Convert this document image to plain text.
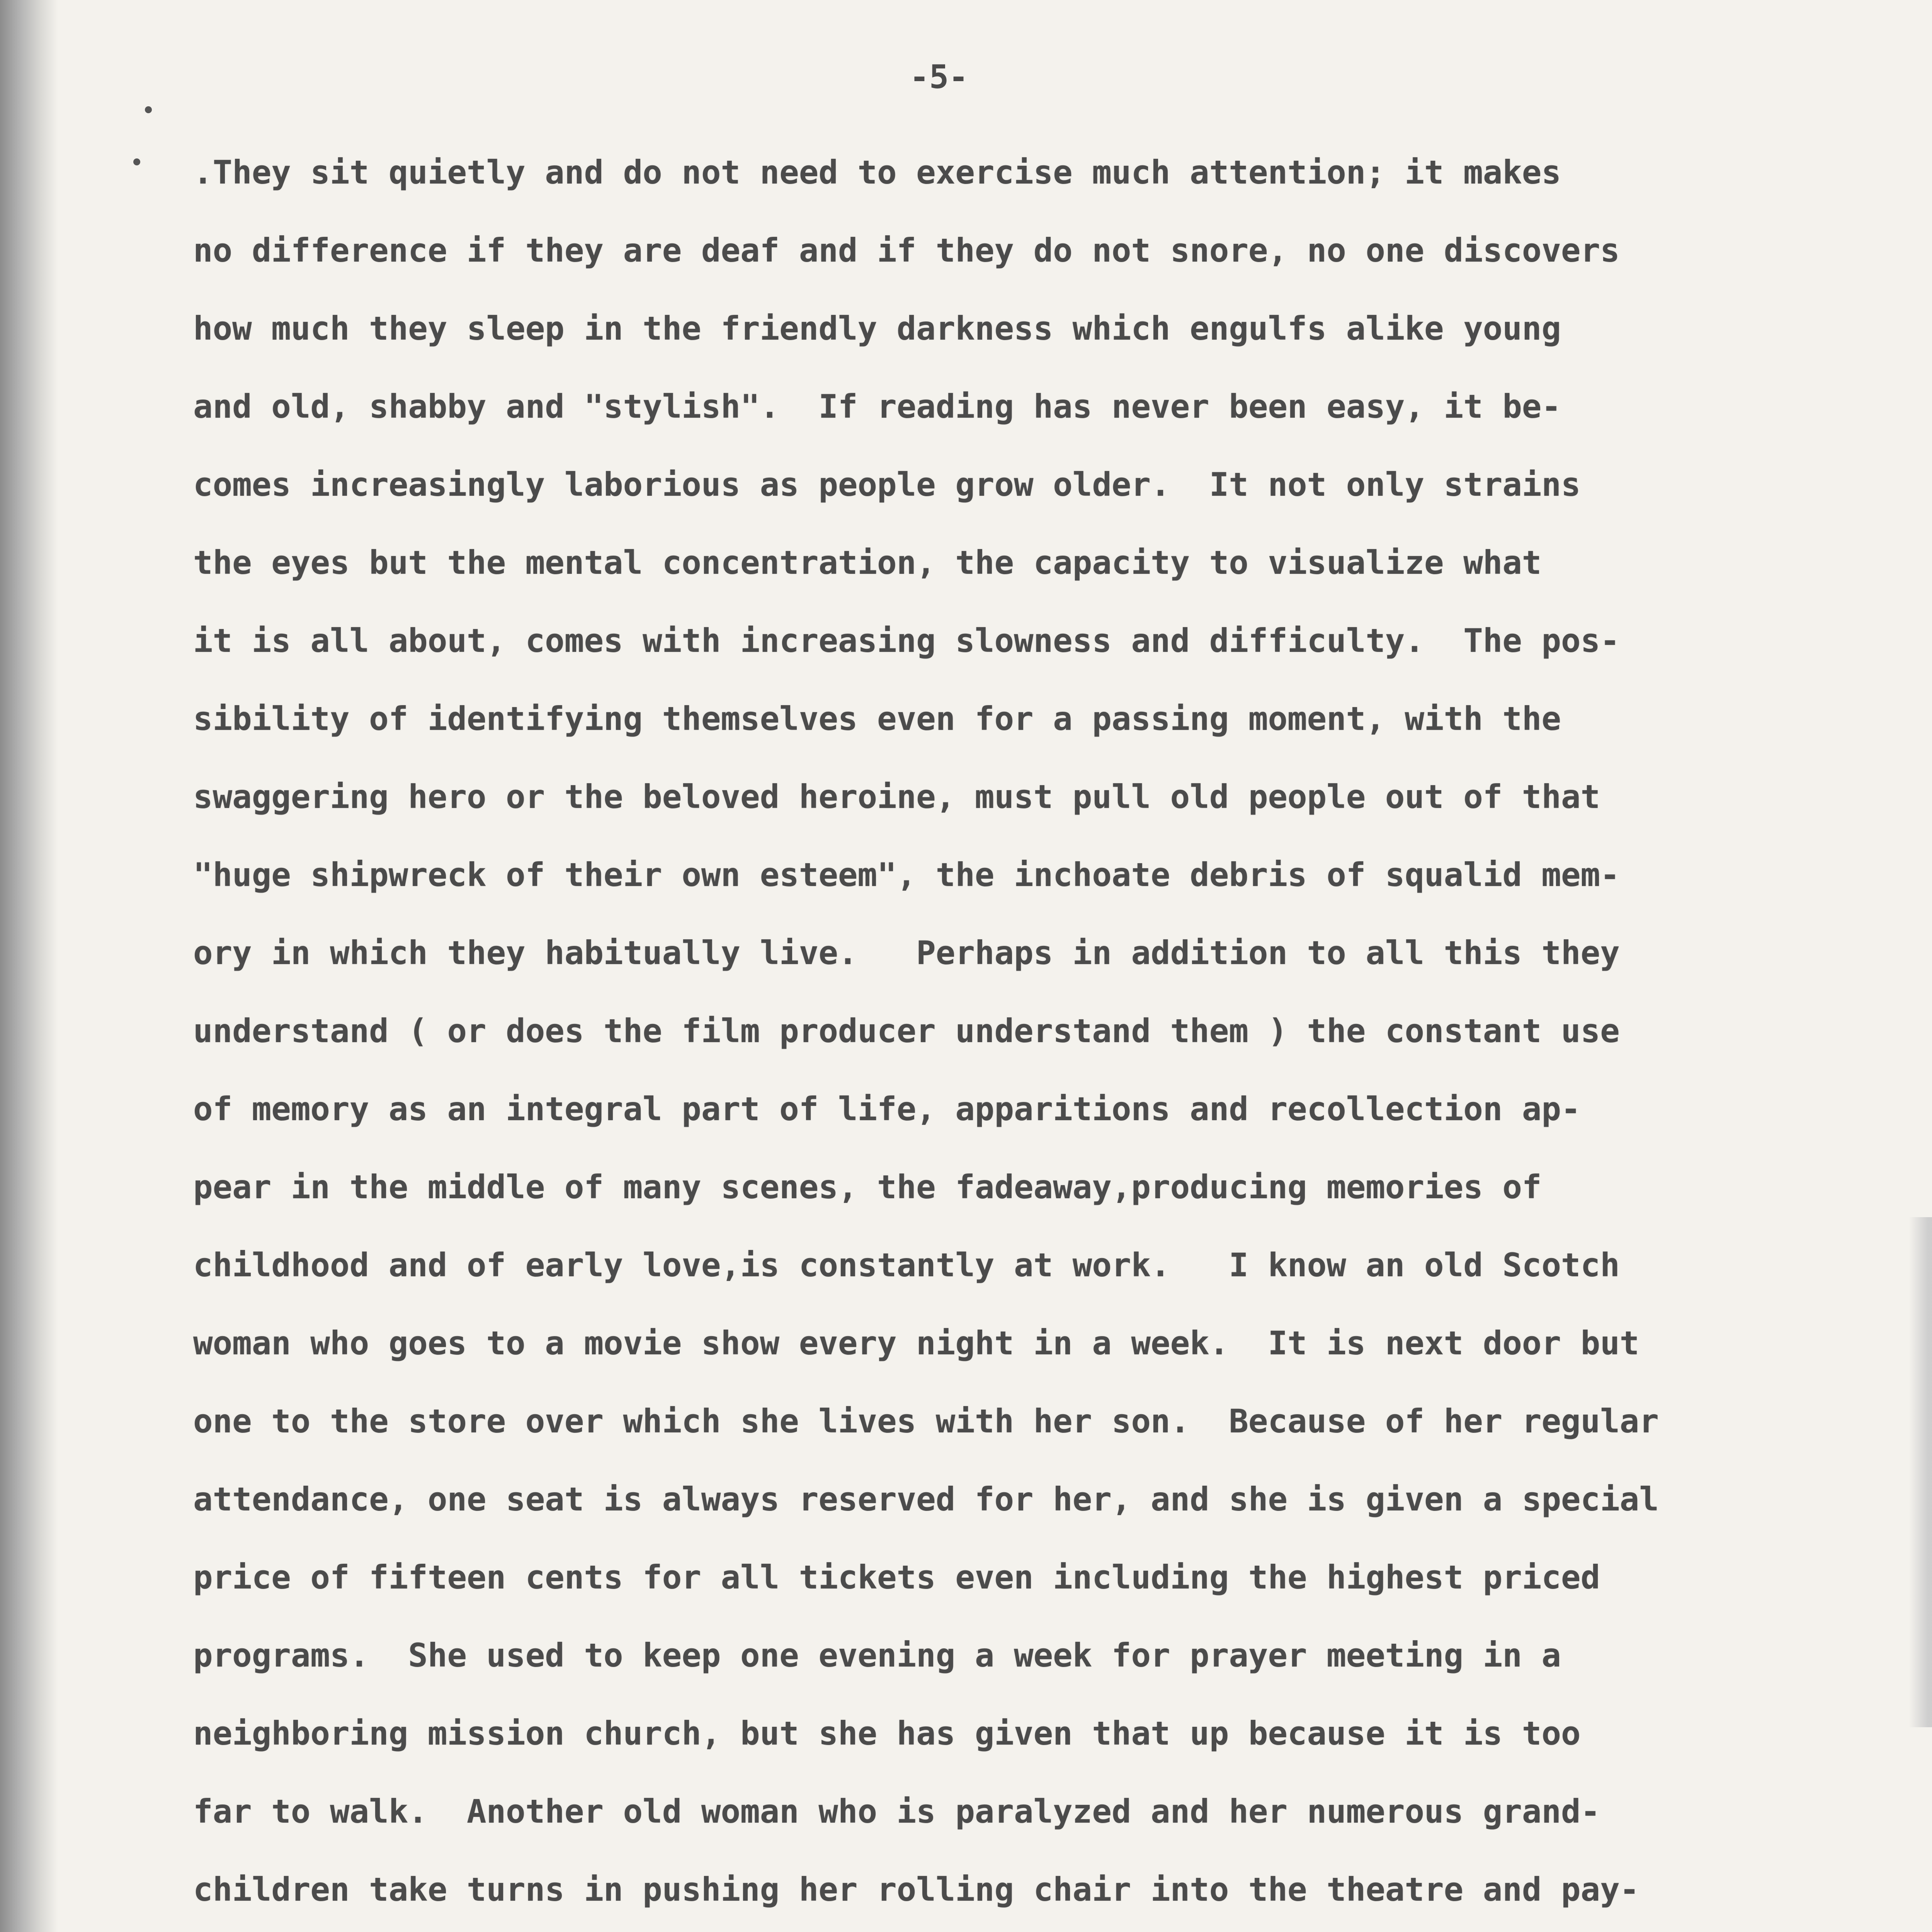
-5-
.They sit quietly and do not need to exercise much attention; it makes
no difference if they are deaf and if they do not snore, no one discovers
how much they sleep in the friendly darkness which engulfs alike young
and old, shabby and "stylish".  If reading has never been easy, it be-
comes increasingly laborious as people grow older.  It not only strains
the eyes but the mental concentration, the capacity to visualize what
it is all about, comes with increasing slowness and difficulty.  The pos-
sibility of identifying themselves even for a passing moment, with the
swaggering hero or the beloved heroine, must pull old people out of that
"huge shipwreck of their own esteem", the inchoate debris of squalid mem-
ory in which they habitually live.   Perhaps in addition to all this they
understand ( or does the film producer understand them ) the constant use
of memory as an integral part of life, apparitions and recollection ap-
pear in the middle of many scenes, the fadeaway,producing memories of
childhood and of early love,is constantly at work.   I know an old Scotch
woman who goes to a movie show every night in a week.  It is next door but
one to the store over which she lives with her son.  Because of her regular
attendance, one seat is always reserved for her, and she is given a special
price of fifteen cents for all tickets even including the highest priced
programs.  She used to keep one evening a week for prayer meeting in a
neighboring mission church, but she has given that up because it is too
far to walk.  Another old woman who is paralyzed and her numerous grand-
children take turns in pushing her rolling chair into the theatre and pay-
